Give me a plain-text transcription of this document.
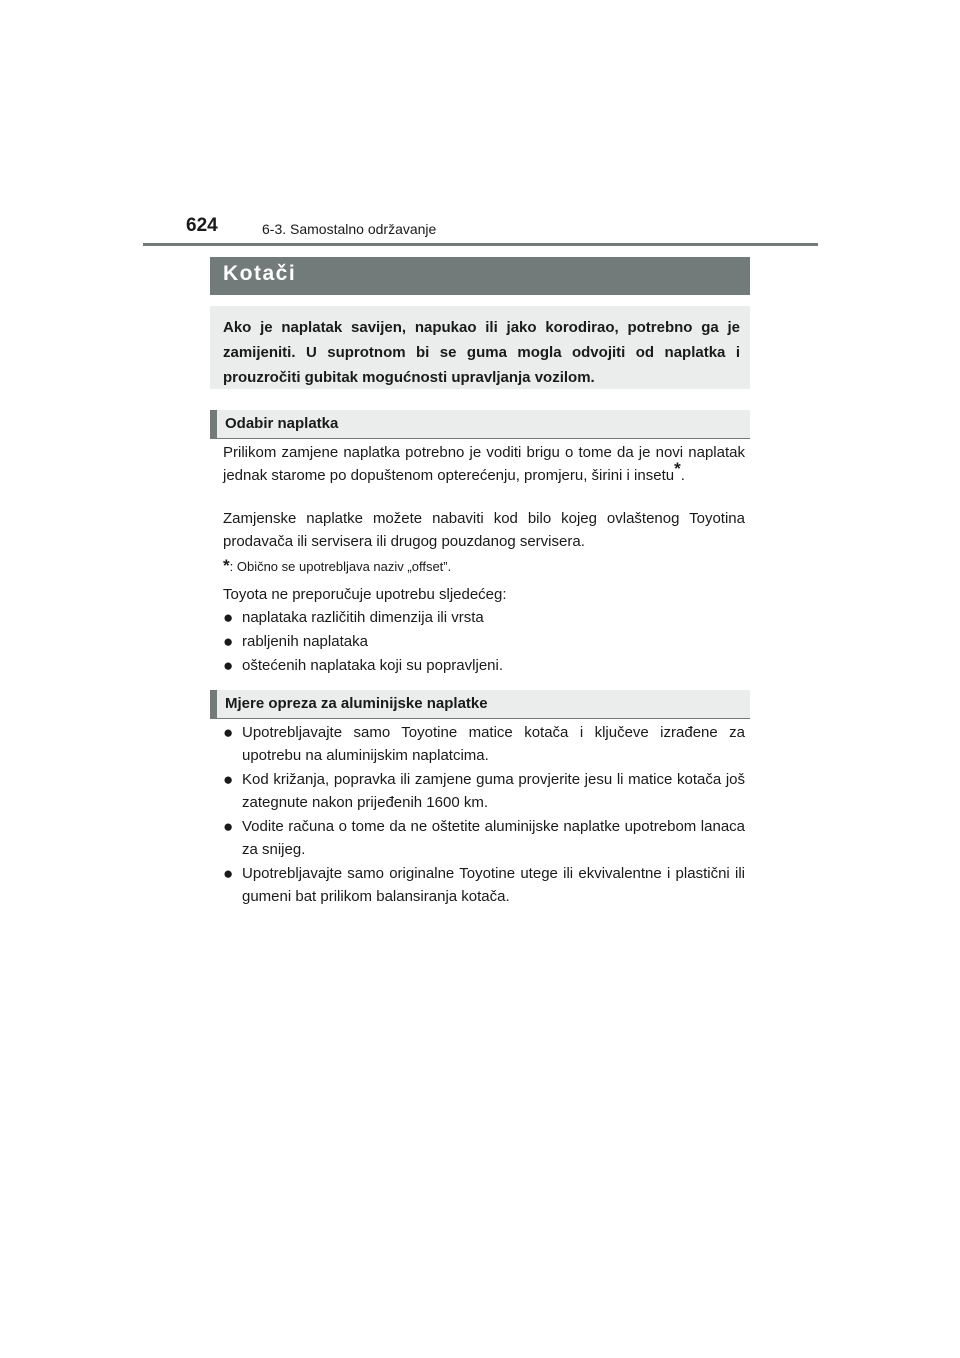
624	6-3. Samostalno održavanje
Kotači
Ako je naplatak savijen, napukao ili jako korodirao, potrebno ga je zamijeniti. U suprotnom bi se guma mogla odvojiti od naplatka i prouzročiti gubitak mogućnosti upravljanja vozilom.
Odabir naplatka
Prilikom zamjene naplatka potrebno je voditi brigu o tome da je novi naplatak jednak starome po dopuštenom opterećenju, promjeru, širini i insetu*.
Zamjenske naplatke možete nabaviti kod bilo kojeg ovlaštenog Toyotina prodavača ili servisera ili drugog pouzdanog servisera.
*: Obično se upotrebljava naziv „offset”.
Toyota ne preporučuje upotrebu sljedećeg:
● naplataka različitih dimenzija ili vrsta
● rabljenih naplataka
● oštećenih naplataka koji su popravljeni.
Mjere opreza za aluminijske naplatke
● Upotrebljavajte samo Toyotine matice kotača i ključeve izrađene za upotrebu na aluminijskim naplatcima.
● Kod križanja, popravka ili zamjene guma provjerite jesu li matice kotača još zategnute nakon prijeđenih 1600 km.
● Vodite računa o tome da ne oštetite aluminijske naplatke upotrebom lanaca za snijeg.
● Upotrebljavajte samo originalne Toyotine utege ili ekvivalentne i plastični ili gumeni bat prilikom balansiranja kotača.
